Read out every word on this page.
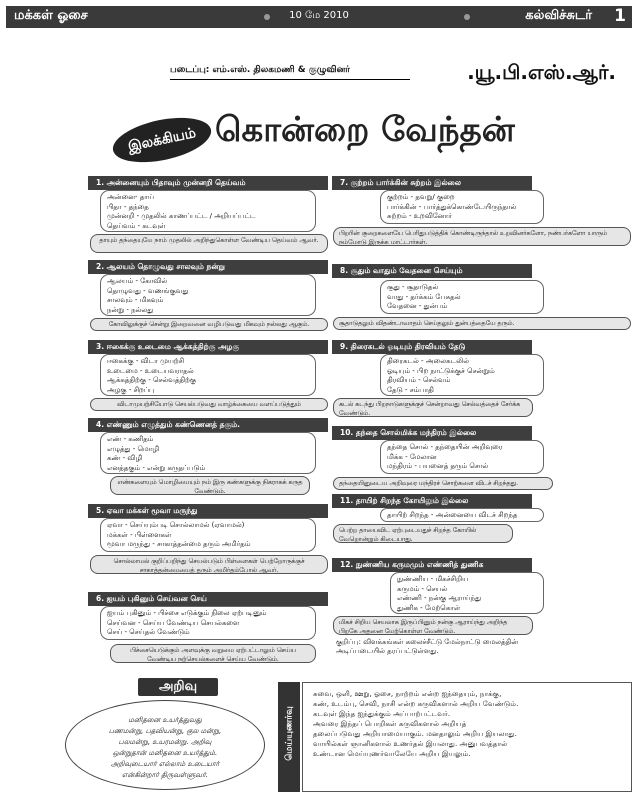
மக்கள் ஓசை	10 மே 2010	கல்விச்சுடர் 1
படைப்பு: எம்.எஸ். திலகமணி & குழுவினர்	.யூ.பி.எஸ்.ஆர்.
இலக்கியம் கொன்றை வேந்தன்
1. அன்னையும் பிதாவும் முன்னறி தெய்வம்
அன்னை- தாய்
பிதா - தந்தை
முன்னறி - முதலில் காணப்பட்ட / அறியப்பட்ட
தெய்வம் - கடவுள்
தாயும் தந்தையுமே நாம் முதலில் அறிந்துகொள்ள வேண்டிய தெய்வம் ஆவர்.
2. ஆலயம் தொழுவது சாலவும் நன்று
ஆலயம் - கோவில்
தொழுவது - வணங்குவது
சாலவும் - மிகவும்
நன்று - நல்லது
கோவிலுக்குச் சென்று இறைவனை வழிபடுவது மிகவும் நல்லது ஆகும்.
3. ஈகைக்கு உடைமை ஆக்கத்திற்கு அழகு
ஈகைக்கு - விடா முயற்சி
உடைமை - உடையவராதல்
ஆக்கத்திற்கு - செல்வத்திற்கு
அழகு - சிறப்பு
விடாமுயற்சியோடு செயல்படுவது வாழ்க்கையை வளப்படுத்தும்
4. எண்ணும் எழுத்தும் கண்ணெனத் தகும்.
எண் - கணிதம்
எழுத்து - மொழி
கண் - விழி
எனத்தகும் - என்று கருதப்படும்
எண்களையும் மொழியையும் நம் இரு கண்களுக்கு நிகராகக் கருத வேண்டும்.
5. ஏவா மக்கள் மூவா மருந்து
ஏவா - செய்யும்படி சொல்லாமல் (ஏவாமல்)
மக்கள் - பிள்ளைகள்
மூவா மருந்து - சாகாத்தன்மை தரும் அமிர்தம்
சொல்லாமல் குறிப்பறிந்து செயல்படும் பிள்ளைகள் பெற்றோருக்குச் சாகாத்தன்மையைத் தரும் அமிர்தம்போல் ஆவர்.
6. ஐயம் புகினும் செய்வன செய்
ஐயம் புகினும் - பிச்சை எடுக்கும் நிலை ஏற்படினும்
செய்வன - செய்ய வேண்டிய செயல்களை
செய் - செய்தல் வேண்டும்
பிச்சையெடுக்கும் அளவுக்கு வறுமை ஏற்பட்டாலும் செய்ய வேண்டிய நற்செயல்களைச் செய்ய வேண்டும்.
7. குற்றம் பார்க்கின் சுற்றம் இல்லை
குற்றம் - தவறு/ குறை
பார்க்கின் - பார்த்துக்கொண்டேயிருந்தால்
சுற்றம் - உறவினோர்
பிறரின் குறைகளையே பெரிதுபடுத்திக் கொண்டிருந்தால் உறவினர்களோ, நண்பர்களோ யாரும் நம்மோடு இருக்க மாட்டார்கள்.
8. சூதும் வாதும் வேதனை செய்யும்
சூது - சூதாடுதல்
வாது - தர்க்கம் பேசுதல்
வேதனை - துன்பம்
சூதாடுதலும் விதண்டாவாதம் செய்தலும் துன்பத்தையே தரும்.
9. திரைகடல் ஓடியும் திரவியம் தேடு
திரைகடல் - அலைகடலில்
ஓடியும் - பிற நாட்டுக்குச் சென்றும்
திரவியம் - செல்வம்
தேடு - சம்பாதி
கடல் கடந்து பிறநாடுகளுக்குச் சென்றாவது செல்வத்தைச் சேர்க்க வேண்டும்.
10. தந்தை சொல்மிக்க மந்திரம் இல்லை
தந்தை சொல் - தந்தையின் அறிவுரை
மிக்க - மேலான
மந்திரம் - பயனைத் தரும் சொல்
தந்தையினுடைய அறிவுரை மந்திரச் சொற்களை விடச் சிறந்தது.
11. தாயிற் சிறந்த கோயிலும் இல்லை
தாயிற் சிறந்த - அன்னையை விடச் சிறந்த
பெற்ற தாயைவிட ஏற்புடையதுச் சிறந்த கோயில் வேறொன்றும் கிடையாது.
12. நுண்ணிய கருமமும் எண்ணித் துணிக
நுண்ணிய - மிகச்சிறிய
கருமம் - செயல்
எண்ணி - நன்கு ஆராய்ந்து
துணிக - மேற்கொள்
மிகச் சிறிய செயலாக இருப்பினும் நன்கு ஆராய்ந்து அறிந்த பிறகே அதனை மேற்கொள்ள வேண்டும்.
குறிப்பு: விளக்கங்கள் கலைச்சீட்டு மேல்நாட்டு மைலத்தின் அடிப்படையில் தரப்பட்டுள்ளது.
அறிவு
மனிதனை உயர்த்துவது
பணமன்று, பதவியன்று, குல மன்று,
பலமன்று, உயரமன்று. அறிவு
ஒன்றுதான் மனிதனை உயர்த்தும்.
அறிவுடையார் எல்லாம் உடையார்
என்கின்றார் திருவள்ளுவர்.
மெய்யுணர்வு
சுவை, ஒளி, ஊறு, ஓசை, நாற்றம் என்ற ஐந்தையும், நாக்கு,
கண், உடம்பு, செவி, நாசி என்ற கருவிகளால் அறிய வேண்டும்.
கடவுள் இந்த ஐந்துக்கும் அப்பாற்பட்டவர்.
அவரை இந்தப் பொறிகள் கருவிகளால் அறியத்
தலைப்படுவது அறியாமையாகும். மனதாலும் அறிய இயலாது.
வாயில்கள் ஞானிகளால் உணர்தல் இயலாது. அனுபவத்தால்
உண்டான மெய்யுணர்வாலேயே அறிய இயலும்.
